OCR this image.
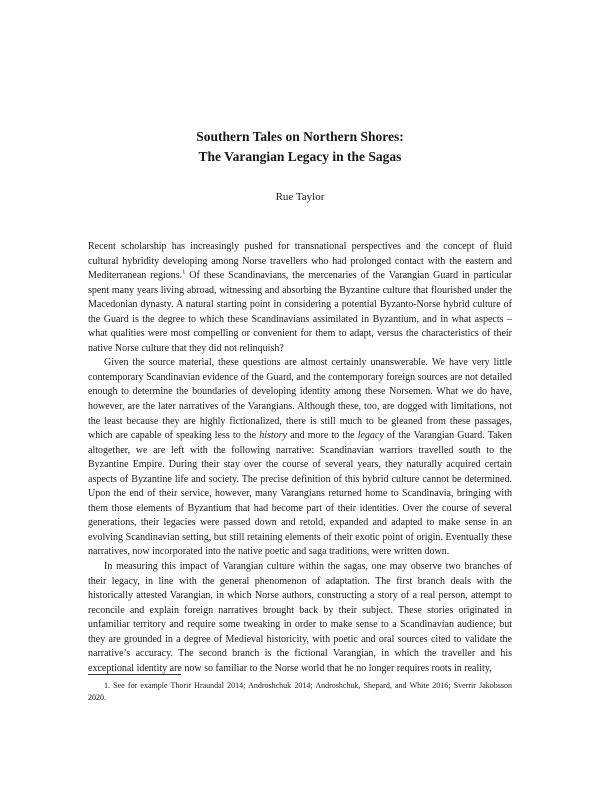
Southern Tales on Northern Shores:
The Varangian Legacy in the Sagas
Rue Taylor

Recent scholarship has increasingly pushed for transnational perspectives and the concept of fluid cultural hybridity developing among Norse travellers who had prolonged contact with the eastern and Mediterranean regions.$^1$ Of these Scandinavians, the mercenaries of the Varangian Guard in particular spent many years living abroad, witnessing and absorbing the Byzantine culture that flourished under the Macedonian dynasty. A natural starting point in considering a potential Byzanto-Norse hybrid culture of the Guard is the degree to which these Scandinavians assimilated in Byzantium, and in what aspects – what qualities were most compelling or convenient for them to adapt, versus the characteristics of their native Norse culture that they did not relinquish?

Given the source material, these questions are almost certainly unanswerable. We have very little contemporary Scandinavian evidence of the Guard, and the contemporary foreign sources are not detailed enough to determine the boundaries of developing identity among these Norsemen. What we do have, however, are the later narratives of the Varangians. Although these, too, are dogged with limitations, not the least because they are highly fictionalized, there is still much to be gleaned from these passages, which are capable of speaking less to the history and more to the legacy of the Varangian Guard. Taken altogether, we are left with the following narrative: Scandinavian warriors travelled south to the Byzantine Empire. During their stay over the course of several years, they naturally acquired certain aspects of Byzantine life and society. The precise definition of this hybrid culture cannot be determined. Upon the end of their service, however, many Varangians returned home to Scandinavia, bringing with them those elements of Byzantium that had become part of their identities. Over the course of several generations, their legacies were passed down and retold, expanded and adapted to make sense in an evolving Scandinavian setting, but still retaining elements of their exotic point of origin. Eventually these narratives, now incorporated into the native poetic and saga traditions, were written down.

In measuring this impact of Varangian culture within the sagas, one may observe two branches of their legacy, in line with the general phenomenon of adaptation. The first branch deals with the historically attested Varangian, in which Norse authors, constructing a story of a real person, attempt to reconcile and explain foreign narratives brought back by their subject. These stories originated in unfamiliar territory and require some tweaking in order to make sense to a Scandinavian audience; but they are grounded in a degree of Medieval historicity, with poetic and oral sources cited to validate the narrative’s accuracy. The second branch is the fictional Varangian, in which the traveller and his exceptional identity are now so familiar to the Norse world that he no longer requires roots in reality,

1. See for example Thorir Hraundal 2014; Androshchuk 2014; Androshchuk, Shepard, and White 2016; Sverrir Jakobsson 2020.
